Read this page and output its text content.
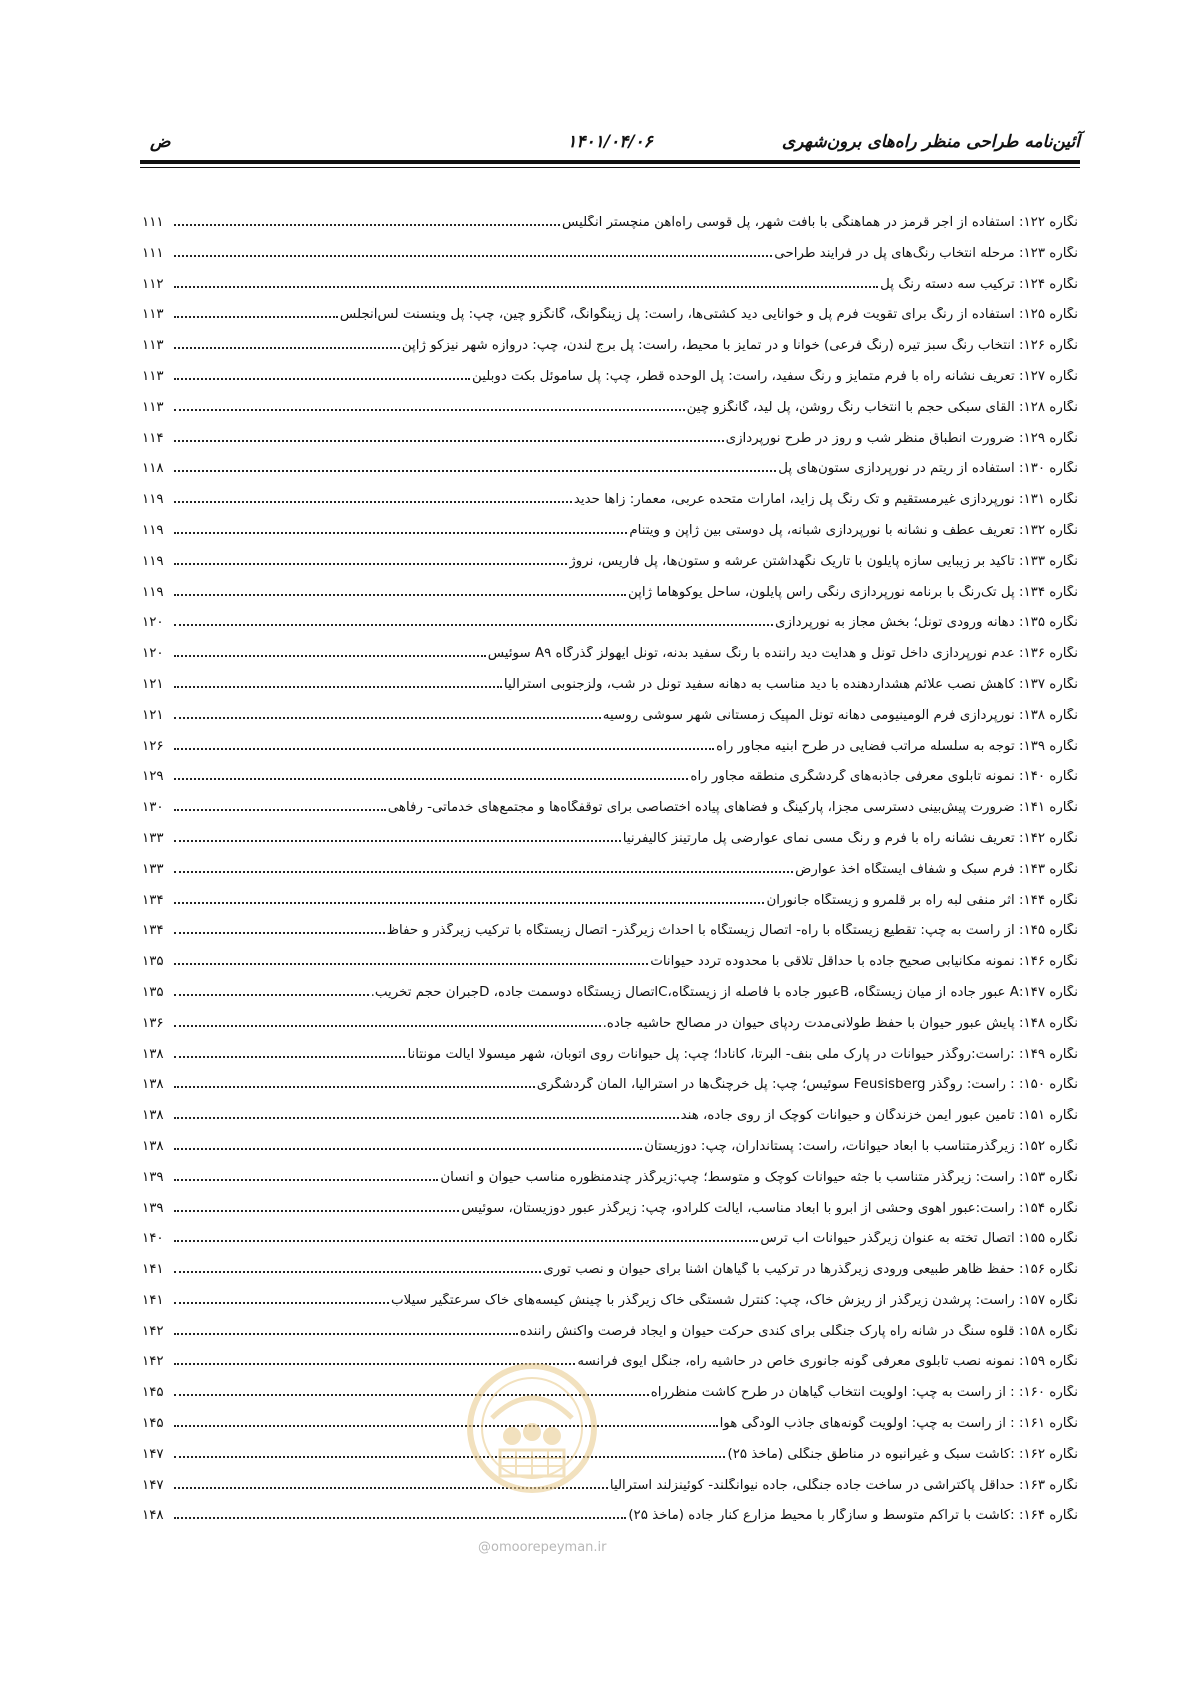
آئین‌نامه طراحی منظر راه‌های برون‌شهری
۱۴۰۱/۰۴/۰۶
ض
نگاره ۱۲۲: استفاده از آجر قرمز در هماهنگی با بافت شهر، پل قوسی راه‌آهن منچستر انگلیس
۱۱۱
نگاره ۱۲۳: مرحله انتخاب رنگ‌های پل در فرایند طراحی
۱۱۱
نگاره ۱۲۴: ترکیب سه دسته رنگ پل
۱۱۲
نگاره ۱۲۵: استفاده از رنگ برای تقویت فرم پل و خوانایی دید کشتی‌ها، راست: پل زینگوانگ، گانگزو چین، چپ: پل وینسنت لس‌آنجلس
۱۱۳
نگاره ۱۲۶: انتخاب رنگ سبز تیره (رنگ فرعی) خوانا و در تمایز با محیط، راست: پل برج لندن، چپ: دروازه شهر نیزکو ژاپن
۱۱۳
نگاره ۱۲۷: تعریف نشانه راه با فرم متمایز و رنگ سفید، راست: پل الوحده قطر، چپ: پل ساموئل بکت دوبلین
۱۱۳
نگاره ۱۲۸: القای سبکی حجم با انتخاب رنگ روشن، پل لید، گانگزو چین
۱۱۳
نگاره ۱۲۹: ضرورت انطباق منظر شب و روز در طرح نورپردازی
۱۱۴
نگاره ۱۳۰: استفاده از ریتم در نورپردازی ستون‌های پل
۱۱۸
نگاره ۱۳۱: نورپردازی غیرمستقیم و تک رنگ پل زاید، امارات متحده عربی، معمار: زاها حدید
۱۱۹
نگاره ۱۳۲: تعریف عطف و نشانه با نورپردازی شبانه، پل دوستی بین ژاپن و ویتنام
۱۱۹
نگاره ۱۳۳: تاکید بر زیبایی سازه پایلون با تاریک نگهداشتن عرشه و ستون‌ها، پل فاریس، نروژ
۱۱۹
نگاره ۱۳۴: پل تک‌رنگ با برنامه نورپردازی رنگی راس پایلون، ساحل یوکوهاما ژاپن
۱۱۹
نگاره ۱۳۵: دهانه ورودی تونل؛ بخش مجاز به نورپردازی
۱۲۰
نگاره ۱۳۶: عدم نورپردازی داخل تونل و هدایت دید راننده با رنگ سفید بدنه، تونل آیهولز گذرگاه A۹ سوئیس
۱۲۰
نگاره ۱۳۷: کاهش نصب علائم هشداردهنده با دید مناسب به دهانه سفید تونل در شب، ولزجنوبی استرالیا
۱۲۱
نگاره ۱۳۸: نورپردازی فرم آلومینیومی دهانه تونل المپیک زمستانی شهر سوشی روسیه
۱۲۱
نگاره ۱۳۹: توجه به سلسله مراتب فضایی در طرح ابنیه مجاور راه
۱۲۶
نگاره ۱۴۰: نمونه تابلوی معرفی جاذبه‌های گردشگری منطقه مجاور راه
۱۲۹
نگاره ۱۴۱: ضرورت پیش‌بینی دسترسی مجزا، پارکینگ و فضاهای پیاده اختصاصی برای توقفگاه‌ها و مجتمع‌های خدماتی- رفاهی
۱۳۰
نگاره ۱۴۲: تعریف نشانه راه با فرم و رنگ مسی نمای عوارضی پل مارتینز کالیفرنیا
۱۳۳
نگاره ۱۴۳: فرم سبک و شفاف ایستگاه اخذ عوارض
۱۳۳
نگاره ۱۴۴: اثر منفی لبه راه بر قلمرو و زیستگاه جانوران
۱۳۴
نگاره ۱۴۵: از راست به چپ: تقطیع زیستگاه با راه- اتصال زیستگاه با احداث زیرگذر- اتصال زیستگاه با ترکیب زیرگذر و حفاظ
۱۳۴
نگاره ۱۴۶: نمونه مکانیابی صحیح جاده با حداقل تلاقی با محدوده تردد حیوانات
۱۳۵
نگاره ۱۴۷:A عبور جاده از میان زیستگاه، Bعبور جاده با فاصله از زیستگاه،Cاتصال زیستگاه دوسمت جاده، Dجبران حجم تخریب.
۱۳۵
نگاره ۱۴۸: پایش عبور حیوان با حفظ طولانی‌مدت ردپای حیوان در مصالح حاشیه جاده.
۱۳۶
نگاره ۱۴۹: :راست:روگذر حیوانات در پارک ملی بنف- آلبرتا، کانادا؛ چپ: پل حیوانات روی اتوبان، شهر میسولا ایالت مونتانا
۱۳۸
نگاره ۱۵۰: : راست: روگذر Feusisberg سوئیس؛ چپ: پل خرچنگ‌ها در استرالیا، المان گردشگری
۱۳۸
نگاره ۱۵۱: تامین عبور ایمن خزندگان و حیوانات کوچک از روی جاده، هند
۱۳۸
نگاره ۱۵۲: زیرگذرمتناسب با ابعاد حیوانات، راست: پستانداران، چپ: دوزیستان
۱۳۸
نگاره ۱۵۳: راست: زیرگذر متناسب با جثه حیوانات کوچک و متوسط؛ چپ:زیرگذر چندمنظوره مناسب حیوان و انسان
۱۳۹
نگاره ۱۵۴: راست:عبور آهوی وحشی از آبرو با ابعاد مناسب، ایالت کلرادو، چپ: زیرگذر عبور دوزیستان، سوئیس
۱۳۹
نگاره ۱۵۵: اتصال تخته به عنوان زیرگذر حیوانات آب ترس
۱۴۰
نگاره ۱۵۶: حفظ ظاهر طبیعی ورودی زیرگذرها در ترکیب با گیاهان آشنا برای حیوان و نصب توری
۱۴۱
نگاره ۱۵۷: راست: پرشدن زیرگذر از ریزش خاک، چپ: کنترل شستگی خاک زیرگذر با چینش کیسه‌های خاک سرعتگیر سیلاب
۱۴۱
نگاره ۱۵۸: قلوه سنگ در شانه راه پارک جنگلی برای کندی حرکت حیوان و ایجاد فرصت واکنش راننده
۱۴۲
نگاره ۱۵۹: نمونه نصب تابلوی معرفی گونه جانوری خاص در حاشیه راه، جنگل ایوی فرانسه
۱۴۲
نگاره ۱۶۰: : از راست به چپ: اولویت انتخاب گیاهان در طرح کاشت منظرراه
۱۴۵
نگاره ۱۶۱: : از راست به چپ: اولویت گونه‌های جاذب آلودگی هوا
۱۴۵
نگاره ۱۶۲: :کاشت سبک و غیرانبوه در مناطق جنگلی (ماخذ ۲۵)
۱۴۷
نگاره ۱۶۳: حداقل پاکتراشی در ساخت جاده جنگلی، جاده نیوانگلند- کوئینزلند استرالیا
۱۴۷
نگاره ۱۶۴: :کاشت با تراکم متوسط و سازگار با محیط مزارع کنار جاده (ماخذ ۲۵)
۱۴۸
@omoorepeyman.ir
